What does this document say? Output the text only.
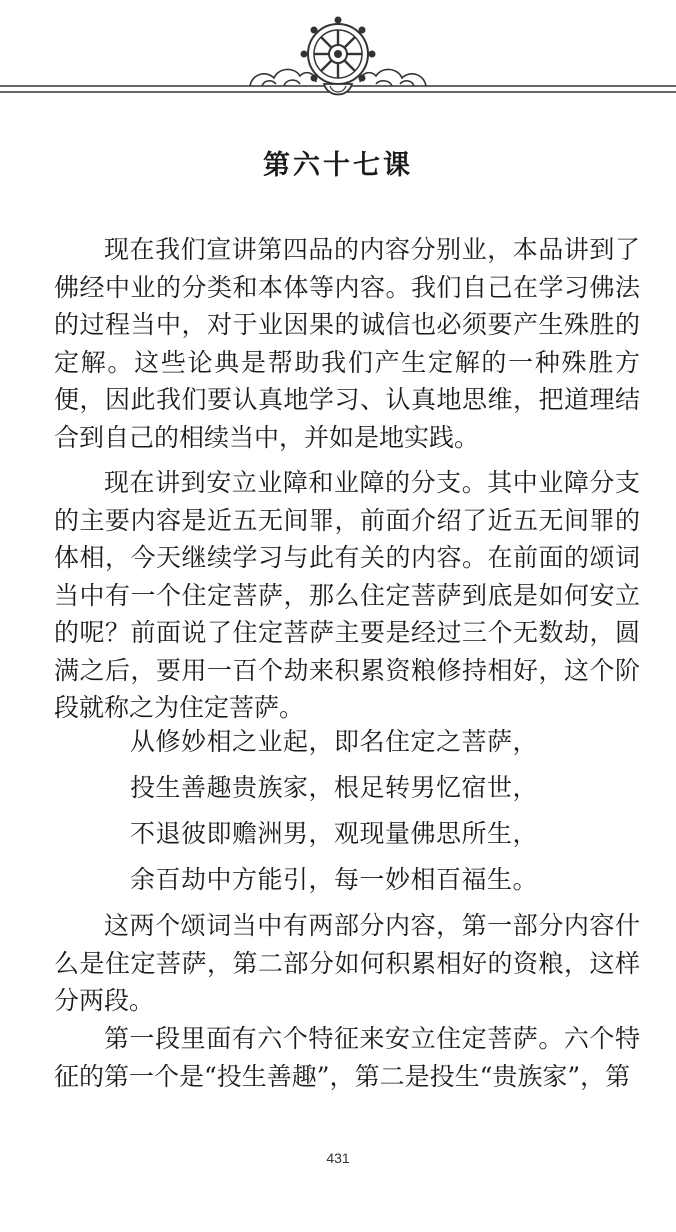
第六十七课

现在我们宣讲第四品的内容分别业，本品讲到了佛经中业的分类和本体等内容。我们自己在学习佛法的过程当中，对于业因果的诚信也必须要产生殊胜的定解。这些论典是帮助我们产生定解的一种殊胜方便，因此我们要认真地学习、认真地思维，把道理结合到自己的相续当中，并如是地实践。

现在讲到安立业障和业障的分支。其中业障分支的主要内容是近五无间罪，前面介绍了近五无间罪的体相，今天继续学习与此有关的内容。在前面的颂词当中有一个住定菩萨，那么住定菩萨到底是如何安立的呢？前面说了住定菩萨主要是经过三个无数劫，圆满之后，要用一百个劫来积累资粮修持相好，这个阶段就称之为住定菩萨。

从修妙相之业起，即名住定之菩萨，
投生善趣贵族家，根足转男忆宿世，
不退彼即赡洲男，观现量佛思所生，
余百劫中方能引，每一妙相百福生。

这两个颂词当中有两部分内容，第一部分内容什么是住定菩萨，第二部分如何积累相好的资粮，这样分两段。

第一段里面有六个特征来安立住定菩萨。六个特征的第一个是“投生善趣”，第二是投生“贵族家”，第

431
